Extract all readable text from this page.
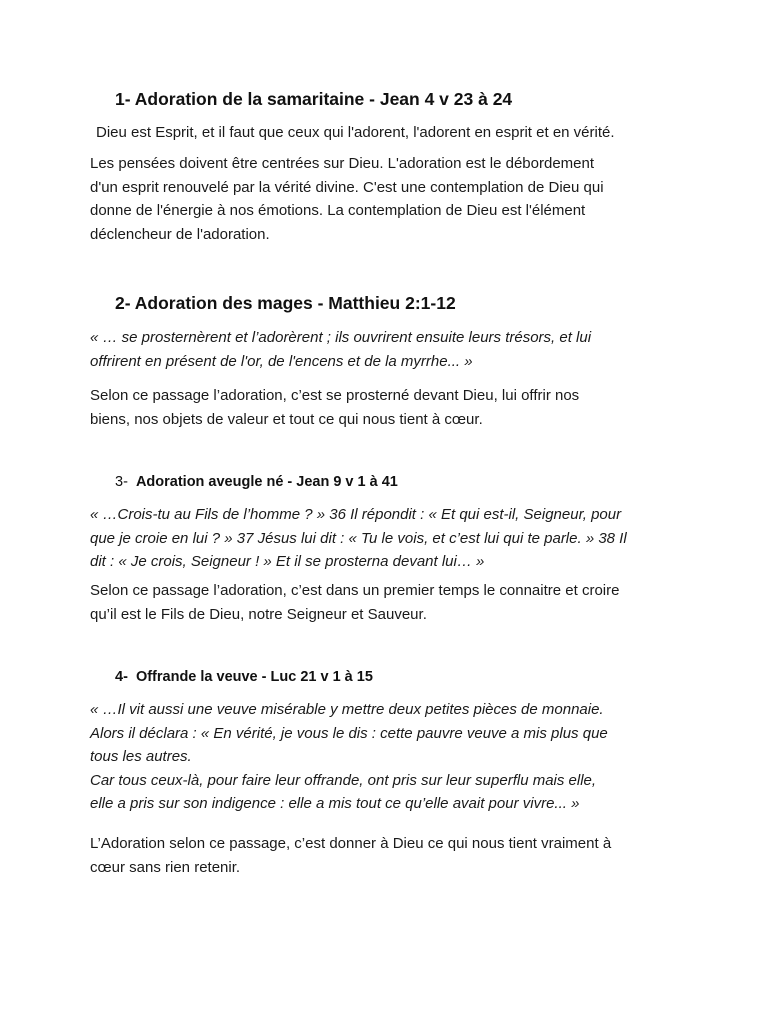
1- Adoration de la samaritaine - Jean 4 v 23 à 24

Dieu est Esprit, et il faut que ceux qui l'adorent, l'adorent en esprit et en vérité.

Les pensées doivent être centrées sur Dieu. L'adoration est le débordement
d'un esprit renouvelé par la vérité divine. C'est une contemplation de Dieu qui
donne de l'énergie à nos émotions. La contemplation de Dieu est l'élément
déclencheur de l'adoration.

2- Adoration des mages - Matthieu 2:1-12

« … se prosternèrent et l’adorèrent ; ils ouvrirent ensuite leurs trésors, et lui
offrirent en présent de l'or, de l'encens et de la myrrhe... »

Selon ce passage l’adoration, c’est se prosterné devant Dieu, lui offrir nos
biens, nos objets de valeur et tout ce qui nous tient à cœur.

3- Adoration aveugle né - Jean 9 v 1 à 41

« …Crois-tu au Fils de l’homme ? » 36 Il répondit : « Et qui est-il, Seigneur, pour
que je croie en lui ? » 37 Jésus lui dit : « Tu le vois, et c’est lui qui te parle. » 38 Il
dit : « Je crois, Seigneur ! » Et il se prosterna devant lui… »

Selon ce passage l’adoration, c’est dans un premier temps le connaitre et croire
qu’il est le Fils de Dieu, notre Seigneur et Sauveur.

4- Offrande la veuve - Luc 21 v 1 à 15

« …Il vit aussi une veuve misérable y mettre deux petites pièces de monnaie.
Alors il déclara : « En vérité, je vous le dis : cette pauvre veuve a mis plus que
tous les autres.
Car tous ceux-là, pour faire leur offrande, ont pris sur leur superflu mais elle,
elle a pris sur son indigence : elle a mis tout ce qu’elle avait pour vivre... »

L’Adoration selon ce passage, c’est donner à Dieu ce qui nous tient vraiment à
cœur sans rien retenir.
